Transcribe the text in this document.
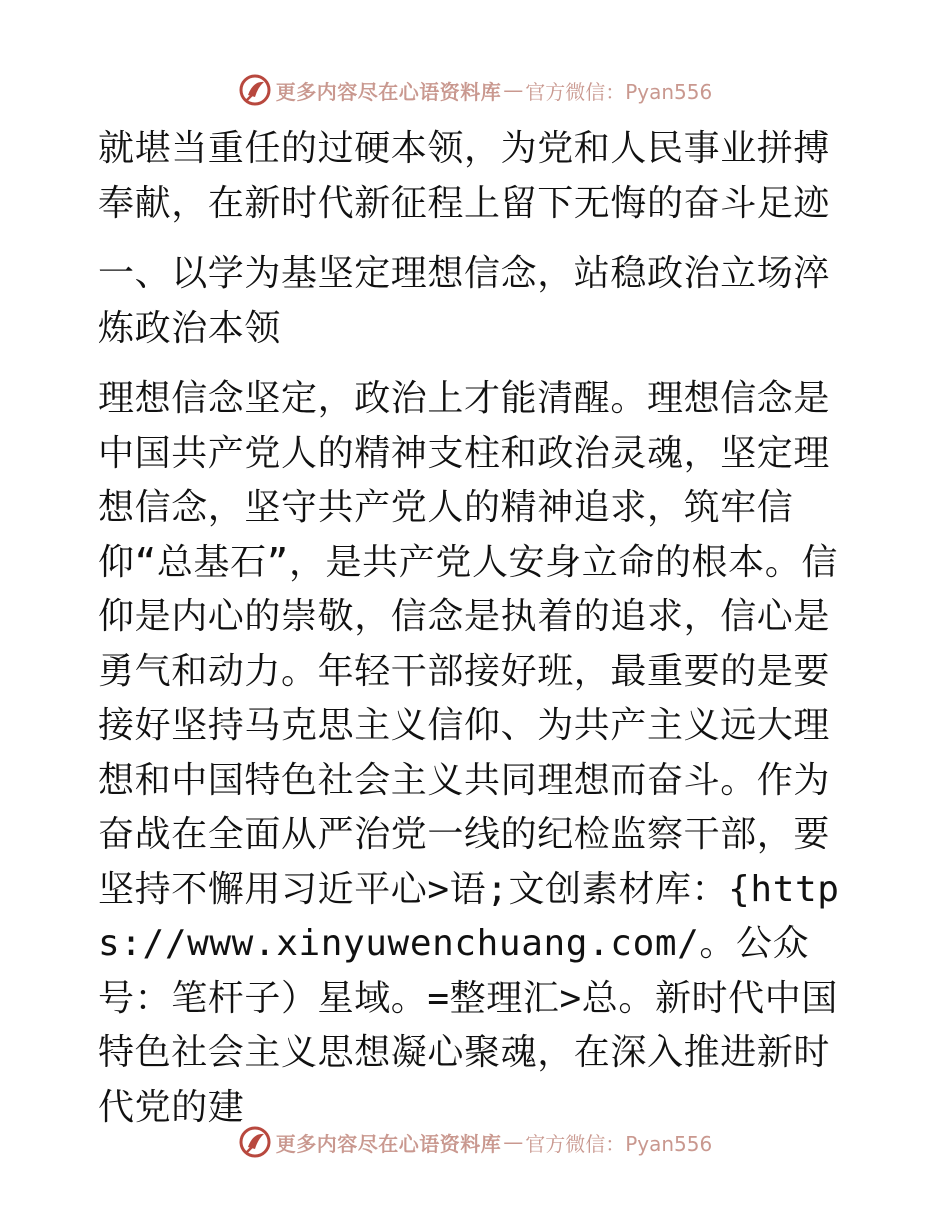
更多内容尽在心语资料库 — 官方微信：Pyan556

就堪当重任的过硬本领，为党和人民事业拼搏奉献，在新时代新征程上留下无悔的奋斗足迹

一、以学为基坚定理想信念，站稳政治立场淬炼政治本领

理想信念坚定，政治上才能清醒。理想信念是中国共产党人的精神支柱和政治灵魂，坚定理想信念，坚守共产党人的精神追求，筑牢信仰“总基石”，是共产党人安身立命的根本。信仰是内心的崇敬，信念是执着的追求，信心是勇气和动力。年轻干部接好班，最重要的是要接好坚持马克思主义信仰、为共产主义远大理想和中国特色社会主义共同理想而奋斗。作为奋战在全面从严治党一线的纪检监察干部，要坚持不懈用习近平心>语;文创素材库：{https://www.xinyuwenchuang.com/。公众号：笔杆子）星域。=整理汇>总。新时代中国特色社会主义思想凝心聚魂，在深入推进新时代党的建

更多内容尽在心语资料库 — 官方微信：Pyan556
